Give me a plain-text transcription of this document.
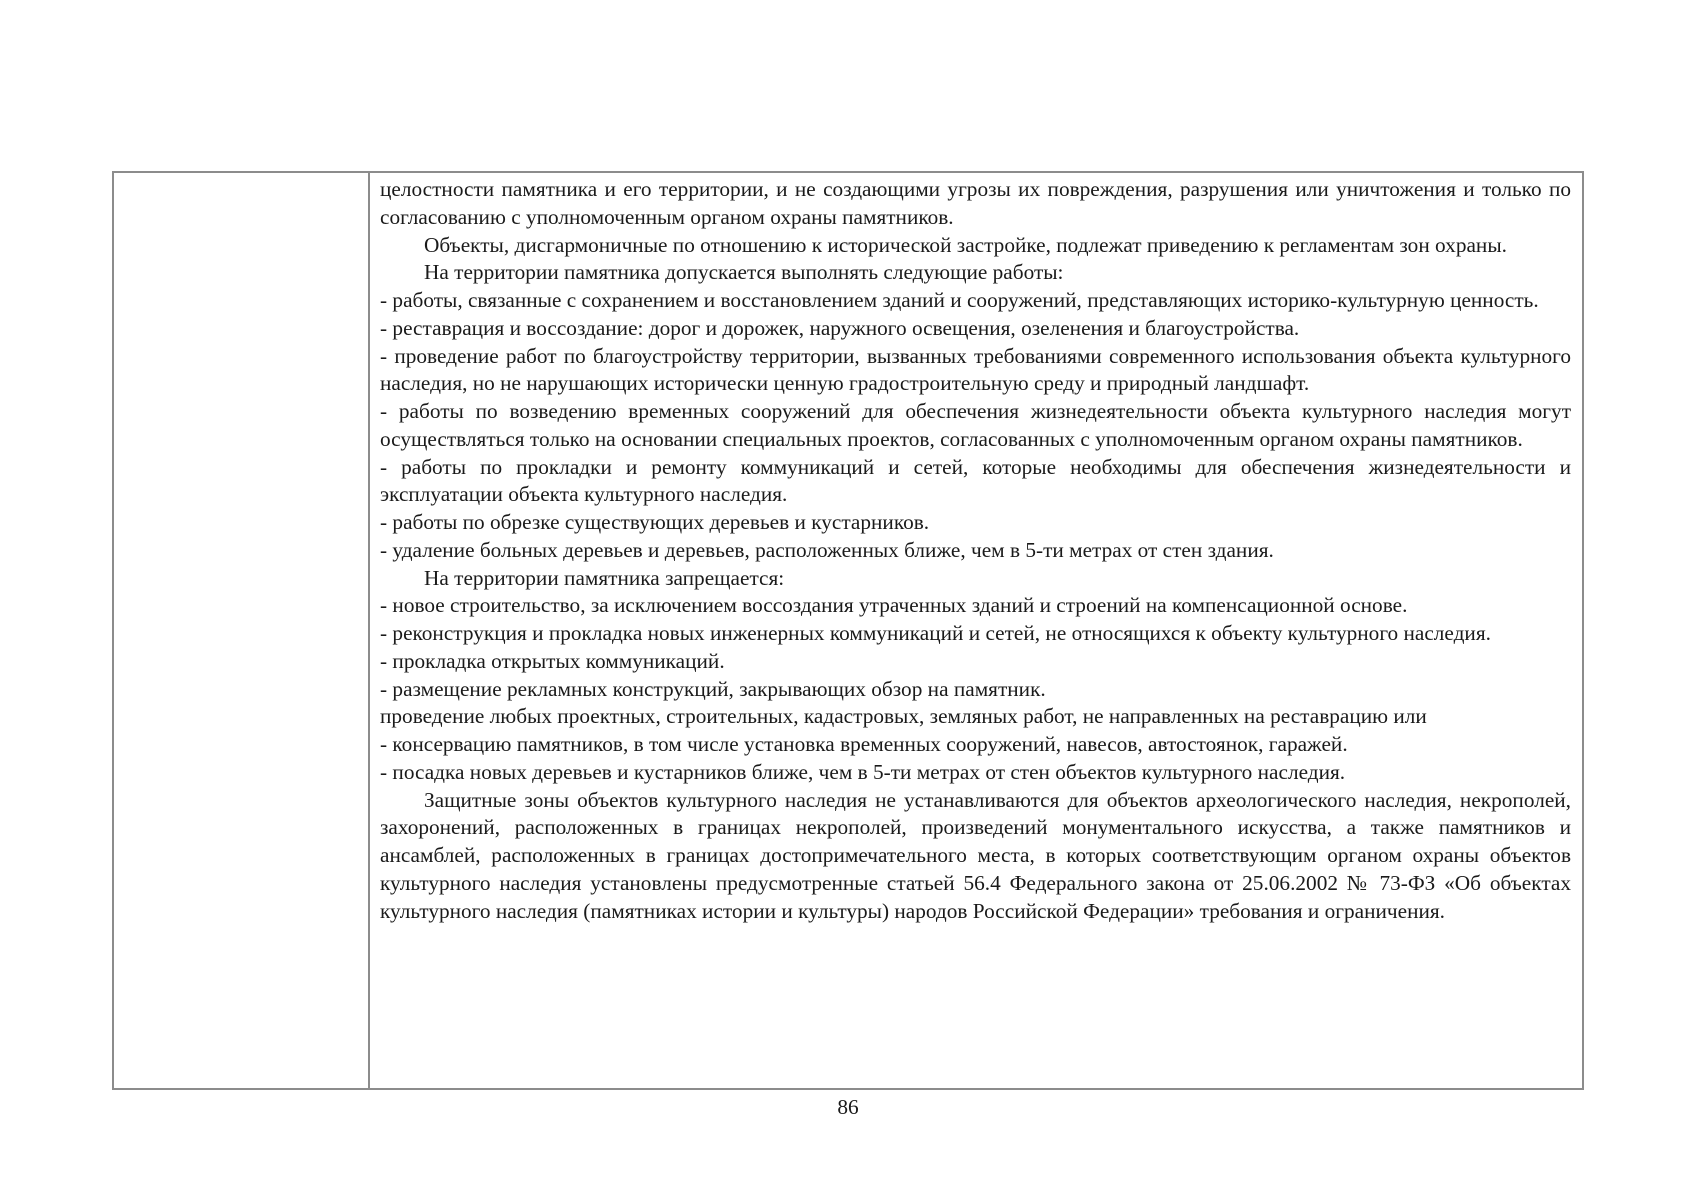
целостности памятника и его территории, и не создающими угрозы их повреждения, разрушения или уничтожения и только по согласованию с уполномоченным органом охраны памятников.

Объекты, дисгармоничные по отношению к исторической застройке, подлежат приведению к регламентам зон охраны.

На территории памятника допускается выполнять следующие работы:

- работы, связанные с сохранением и восстановлением зданий и сооружений, представляющих историко-культурную ценность.

- реставрация и воссоздание: дорог и дорожек, наружного освещения, озеленения и благоустройства.

- проведение работ по благоустройству территории, вызванных требованиями современного использования объекта культурного наследия, но не нарушающих исторически ценную градостроительную среду и природный ландшафт.

- работы по возведению временных сооружений для обеспечения жизнедеятельности объекта культурного наследия могут осуществляться только на основании специальных проектов, согласованных с уполномоченным органом охраны памятников.

- работы по прокладки и ремонту коммуникаций и сетей, которые необходимы для обеспечения жизнедеятельности и эксплуатации объекта культурного наследия.

- работы по обрезке существующих деревьев и кустарников.

- удаление больных деревьев и деревьев, расположенных ближе, чем в 5-ти метрах от стен здания.

На территории памятника запрещается:

- новое строительство, за исключением воссоздания утраченных зданий и строений на компенсационной основе.

- реконструкция и прокладка новых инженерных коммуникаций и сетей, не относящихся к объекту культурного наследия.

- прокладка открытых коммуникаций.

- размещение рекламных конструкций, закрывающих обзор на памятник.

проведение любых проектных, строительных, кадастровых, земляных работ, не направленных на реставрацию или

- консервацию памятников, в том числе установка временных сооружений, навесов, автостоянок, гаражей.

- посадка новых деревьев и кустарников ближе, чем в 5-ти метрах от стен объектов культурного наследия.

Защитные зоны объектов культурного наследия не устанавливаются для объектов археологического наследия, некрополей, захоронений, расположенных в границах некрополей, произведений монументального искусства, а также памятников и ансамблей, расположенных в границах достопримечательного места, в которых соответствующим органом охраны объектов культурного наследия установлены предусмотренные статьей 56.4 Федерального закона от 25.06.2002 № 73-ФЗ «Об объектах культурного наследия (памятниках истории и культуры) народов Российской Федерации» требования и ограничения.

86
